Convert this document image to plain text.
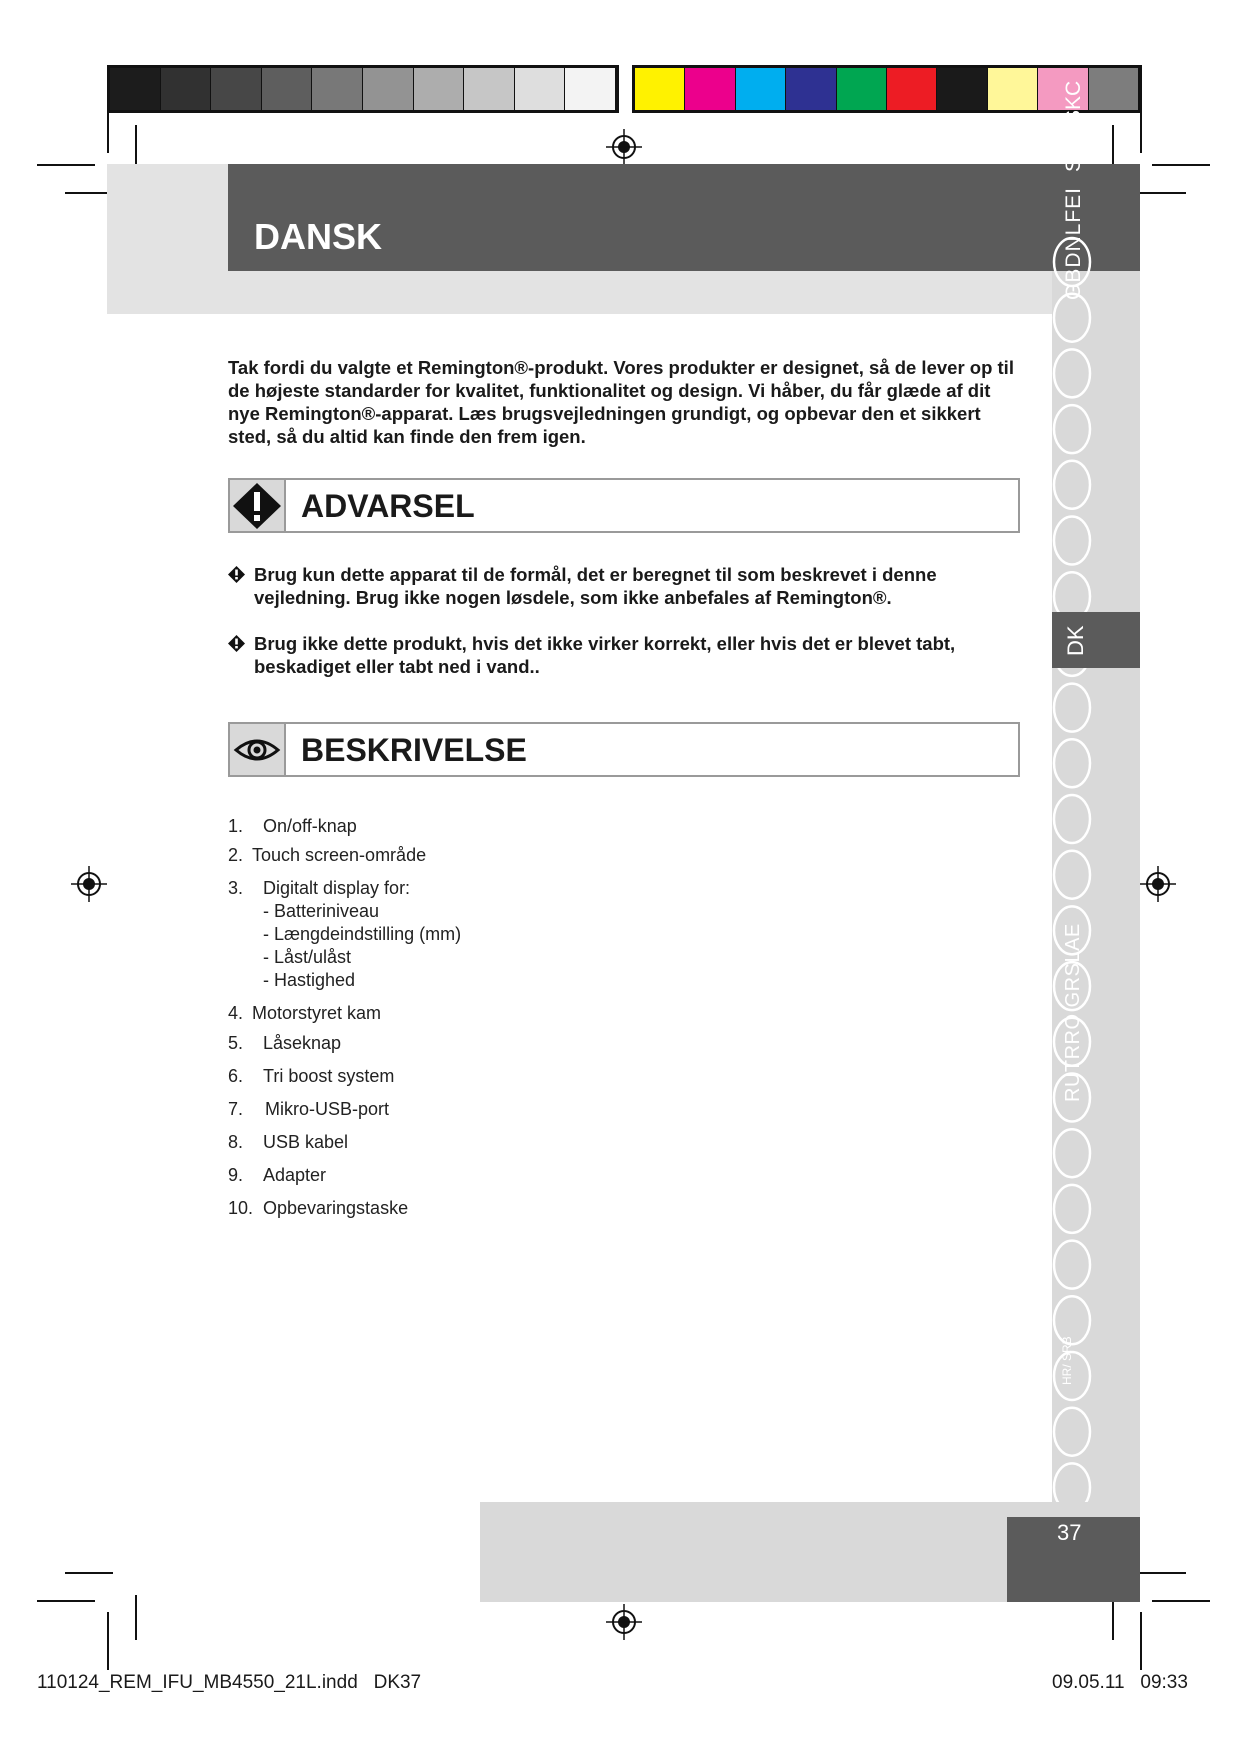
DANSK	GBDNLFEI
S
SKC
DK
RUTRRO GRSLAE
HR/ SRB
Tak fordi du valgte et Remington®-produkt. Vores produkter er designet, så de lever op til de højeste standarder for kvalitet, funktionalitet og design. Vi håber, du får glæde af dit nye Remington®-apparat. Læs brugsvejledningen grundigt, og opbevar den et sikkert sted, så du altid kan finde den frem igen.
ADVARSEL
Brug kun dette apparat til de formål, det er beregnet til som beskrevet i denne vejledning. Brug ikke nogen løsdele, som ikke anbefales af Remington®.
Brug ikke dette produkt, hvis det ikke virker korrekt, eller hvis det er blevet tabt, beskadiget eller tabt ned i vand..
BESKRIVELSE
1. On/off-knap
2. Touch screen-område
3. Digitalt display for:
- Batteriniveau
- Længdeindstilling (mm)
- Låst/ulåst
- Hastighed
4. Motorstyret kam
5. Låseknap
6. Tri boost system
7. Mikro-USB-port
8. USB kabel
9. Adapter
10. Opbevaringstaske
37
110124_REM_IFU_MB4550_21L.indd   DK37	09.05.11   09:33
